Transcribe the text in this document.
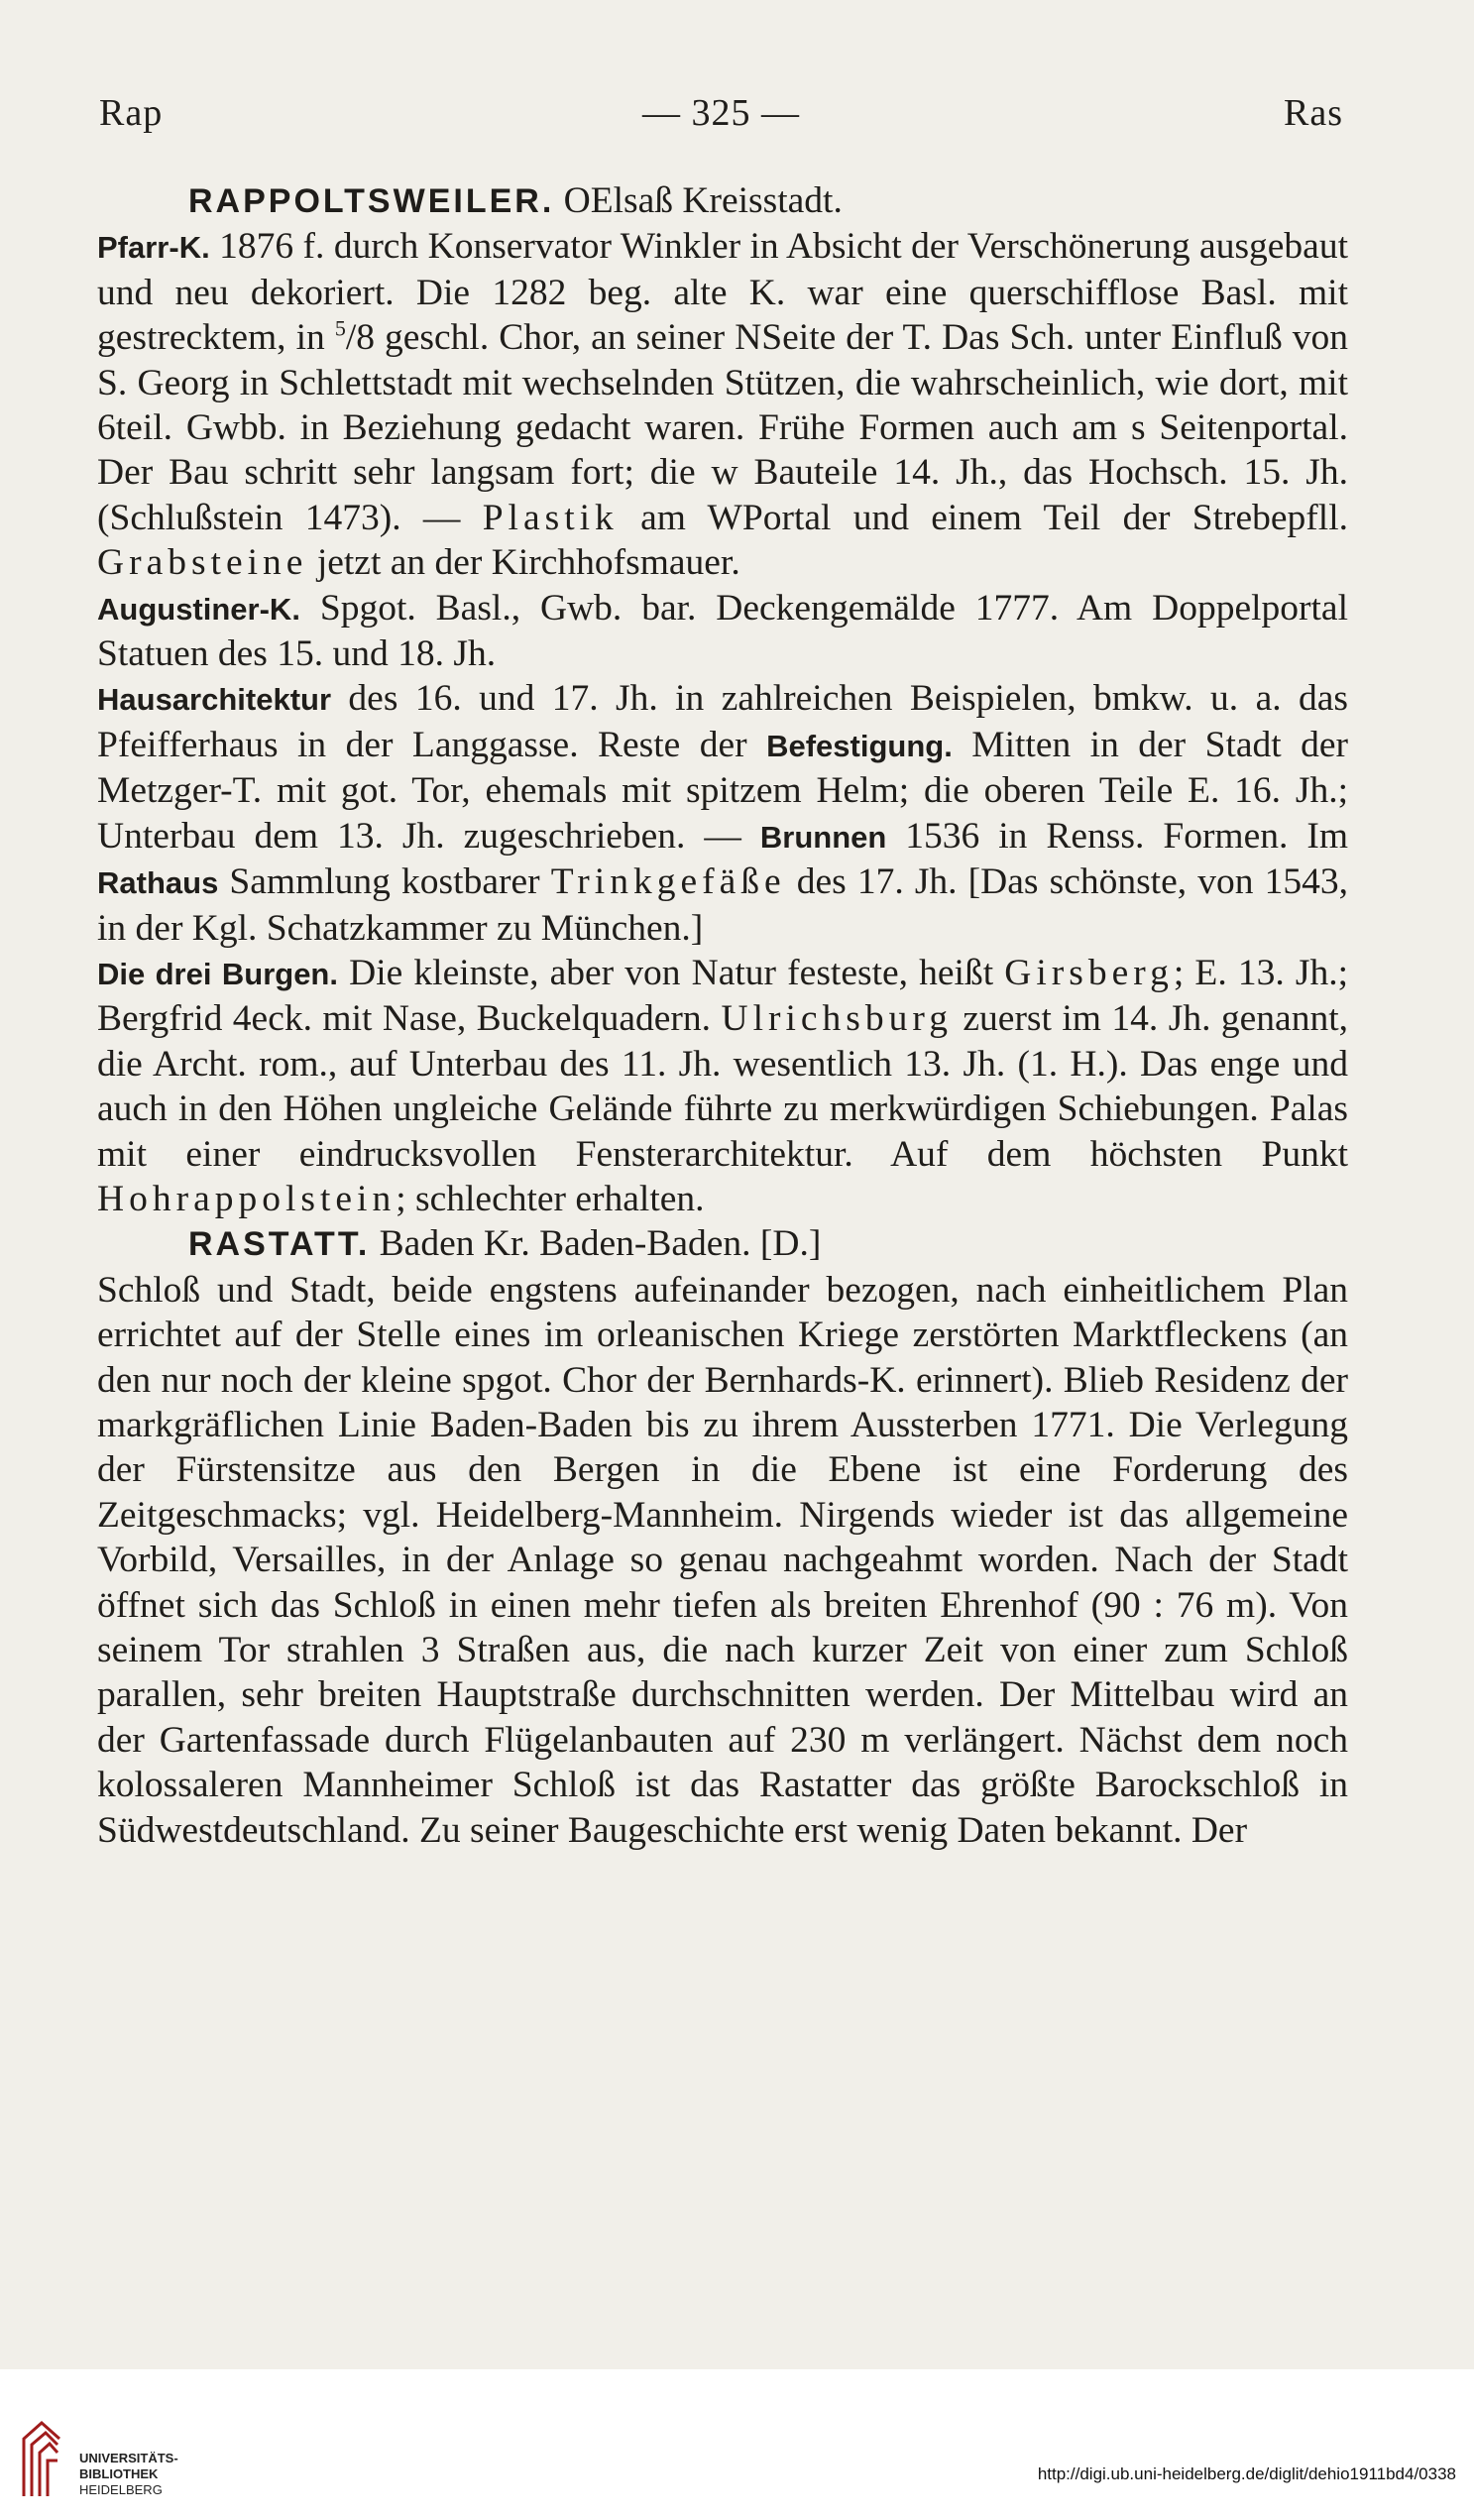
Rap	— 325 —	Ras

RAPPOLTSWEILER. OElsaß Kreisstadt.

Pfarr-K. 1876 f. durch Konservator Winkler in Absicht der Verschönerung ausgebaut und neu dekoriert. Die 1282 beg. alte K. war eine querschifflose Basl. mit gestrecktem, in $^5$/8 geschl. Chor, an seiner NSeite der T. Das Sch. unter Einfluß von S. Georg in Schlettstadt mit wechselnden Stützen, die wahrscheinlich, wie dort, mit 6teil. Gwbb. in Beziehung gedacht waren. Frühe Formen auch am s Seitenportal. Der Bau schritt sehr langsam fort; die w Bauteile 14. Jh., das Hochsch. 15. Jh. (Schlußstein 1473). — Plastik am WPortal und einem Teil der Strebepfll. Grabsteine jetzt an der Kirchhofsmauer.

Augustiner-K. Spgot. Basl., Gwb. bar. Deckengemälde 1777. Am Doppelportal Statuen des 15. und 18. Jh.

Hausarchitektur des 16. und 17. Jh. in zahlreichen Beispielen, bmkw. u. a. das Pfeifferhaus in der Langgasse. Reste der Befestigung. Mitten in der Stadt der Metzger-T. mit got. Tor, ehemals mit spitzem Helm; die oberen Teile E. 16. Jh.; Unterbau dem 13. Jh. zugeschrieben. — Brunnen 1536 in Renss. Formen. Im Rathaus Sammlung kostbarer Trinkgefäße des 17. Jh. [Das schönste, von 1543, in der Kgl. Schatzkammer zu München.]

Die drei Burgen. Die kleinste, aber von Natur festeste, heißt Girsberg; E. 13. Jh.; Bergfrid 4eck. mit Nase, Buckelquadern. Ulrichsburg zuerst im 14. Jh. genannt, die Archt. rom., auf Unterbau des 11. Jh. wesentlich 13. Jh. (1. H.). Das enge und auch in den Höhen ungleiche Gelände führte zu merkwürdigen Schiebungen. Palas mit einer eindrucksvollen Fensterarchitektur. Auf dem höchsten Punkt Hohrappolstein; schlechter erhalten.

RASTATT. Baden Kr. Baden-Baden. [D.]

Schloß und Stadt, beide engstens aufeinander bezogen, nach einheitlichem Plan errichtet auf der Stelle eines im orleanischen Kriege zerstörten Marktfleckens (an den nur noch der kleine spgot. Chor der Bernhards-K. erinnert). Blieb Residenz der markgräflichen Linie Baden-Baden bis zu ihrem Aussterben 1771. Die Verlegung der Fürstensitze aus den Bergen in die Ebene ist eine Forderung des Zeitgeschmacks; vgl. Heidelberg-Mannheim. Nirgends wieder ist das allgemeine Vorbild, Versailles, in der Anlage so genau nachgeahmt worden. Nach der Stadt öffnet sich das Schloß in einen mehr tiefen als breiten Ehrenhof (90 : 76 m). Von seinem Tor strahlen 3 Straßen aus, die nach kurzer Zeit von einer zum Schloß parallen, sehr breiten Hauptstraße durchschnitten werden. Der Mittelbau wird an der Gartenfassade durch Flügelanbauten auf 230 m verlängert. Nächst dem noch kolossaleren Mannheimer Schloß ist das Rastatter das größte Barockschloß in Südwestdeutschland. Zu seiner Baugeschichte erst wenig Daten bekannt. Der

UNIVERSITÄTS-
BIBLIOTHEK
HEIDELBERG
http://digi.ub.uni-heidelberg.de/diglit/dehio1911bd4/0338
